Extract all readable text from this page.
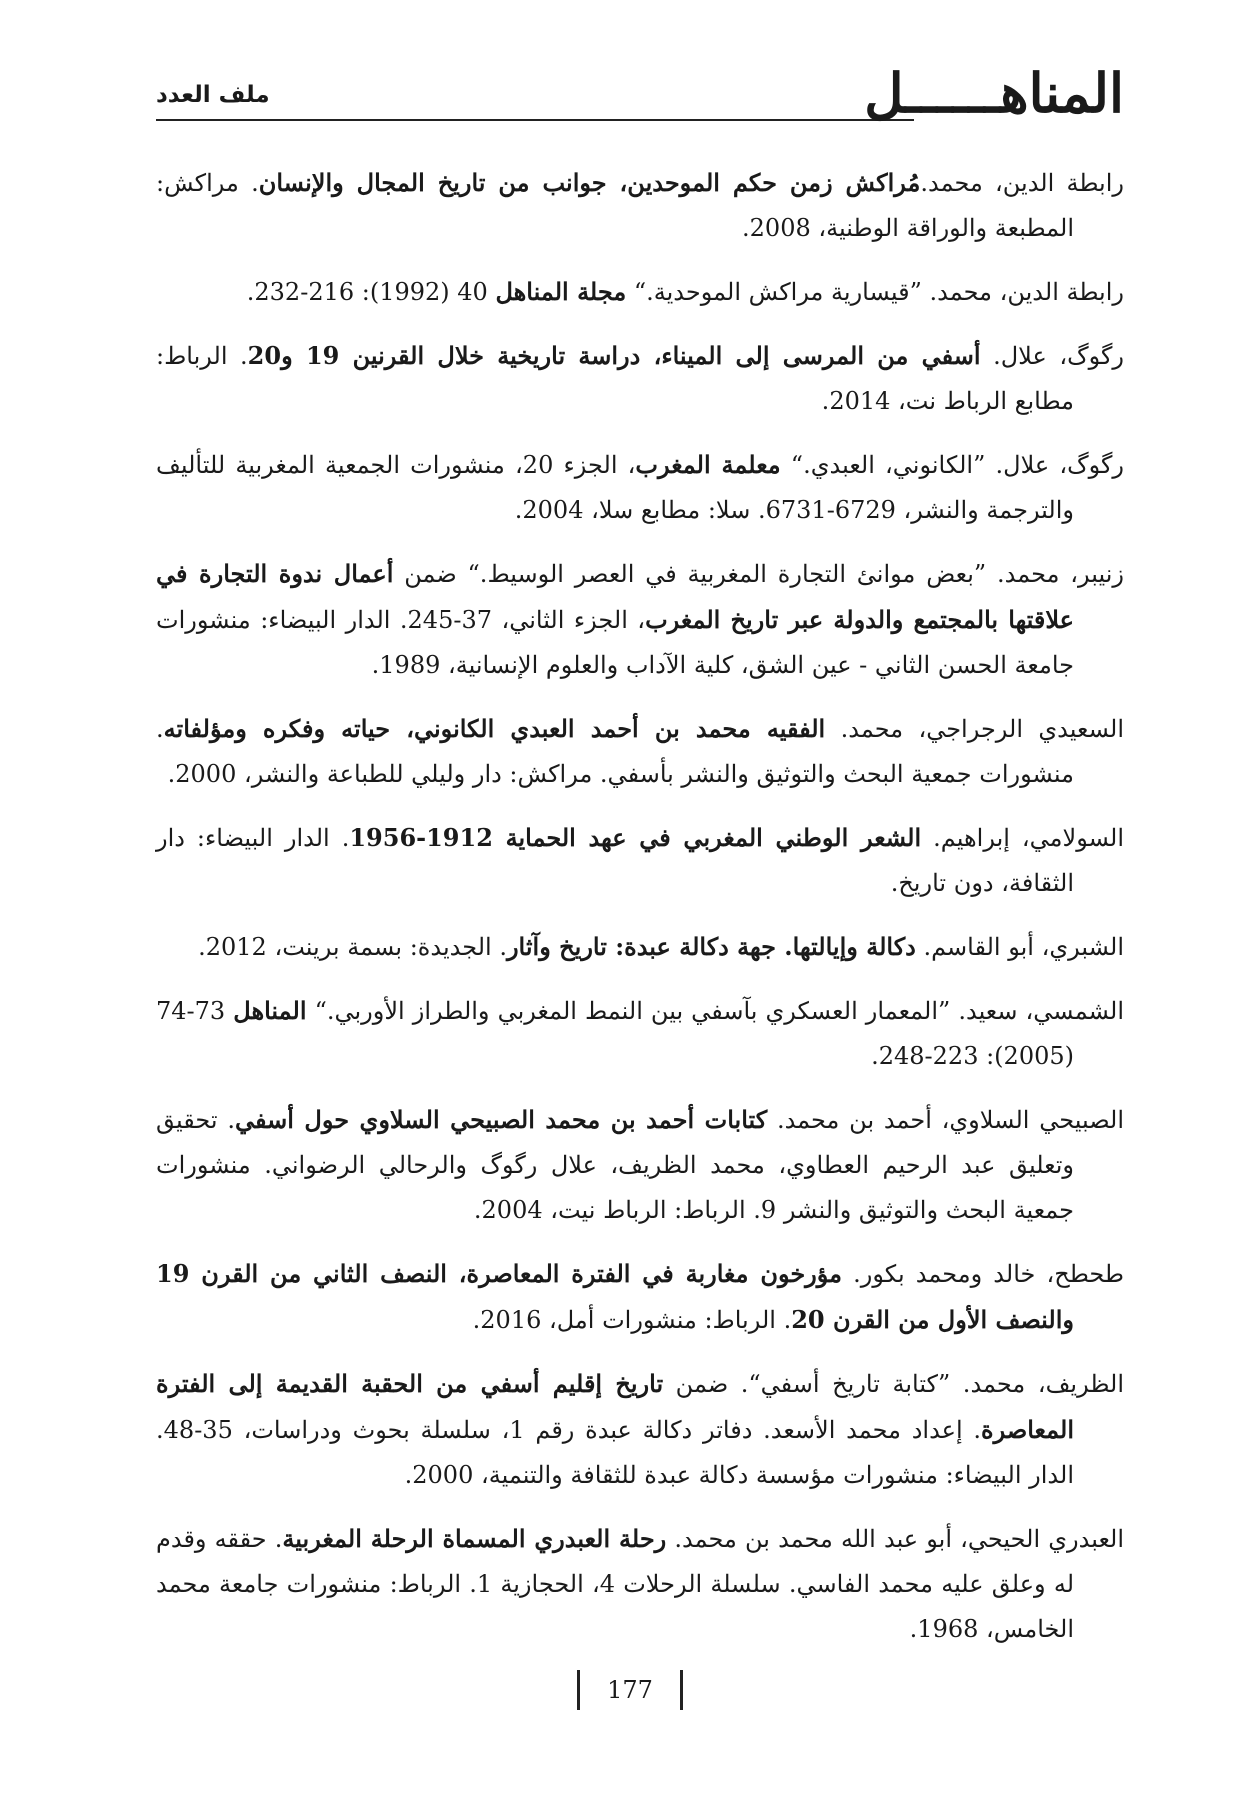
ملف العدد	المناهــــــل

رابطة الدين، محمد.مُراكش زمن حكم الموحدين، جوانب من تاريخ المجال والإنسان. مراكش: المطبعة والوراقة الوطنية، 2008.

رابطة الدين، محمد. ”قيسارية مراكش الموحدية.“ مجلة المناهل 40 (1992): 216-232.

رگوگ، علال. أسفي من المرسى إلى الميناء، دراسة تاريخية خلال القرنين 19 و20. الرباط: مطابع الرباط نت، 2014.

رگوگ، علال. ”الكانوني، العبدي.“ معلمة المغرب، الجزء 20، منشورات الجمعية المغربية للتأليف والترجمة والنشر، 6729-6731. سلا: مطابع سلا، 2004.

زنيبر، محمد. ”بعض موانئ التجارة المغربية في العصر الوسيط.“ ضمن أعمال ندوة التجارة في علاقتها بالمجتمع والدولة عبر تاريخ المغرب، الجزء الثاني، 37-245. الدار البيضاء: منشورات جامعة الحسن الثاني - عين الشق، كلية الآداب والعلوم الإنسانية، 1989.

السعيدي الرجراجي، محمد. الفقيه محمد بن أحمد العبدي الكانوني، حياته وفكره ومؤلفاته. منشورات جمعية البحث والتوثيق والنشر بأسفي. مراكش: دار وليلي للطباعة والنشر، 2000.

السولامي، إبراهيم. الشعر الوطني المغربي في عهد الحماية 1912-1956. الدار البيضاء: دار الثقافة، دون تاريخ.

الشبري، أبو القاسم. دكالة وإيالتها. جهة دكالة عبدة: تاريخ وآثار. الجديدة: بسمة برينت، 2012.

الشمسي، سعيد. ”المعمار العسكري بآسفي بين النمط المغربي والطراز الأوربي.“ المناهل 73-74 (2005): 223-248.

الصبيحي السلاوي، أحمد بن محمد. كتابات أحمد بن محمد الصبيحي السلاوي حول أسفي. تحقيق وتعليق عبد الرحيم العطاوي، محمد الظريف، علال رگوگ والرحالي الرضواني. منشورات جمعية البحث والتوثيق والنشر 9. الرباط: الرباط نيت، 2004.

طحطح، خالد ومحمد بكور. مؤرخون مغاربة في الفترة المعاصرة، النصف الثاني من القرن 19 والنصف الأول من القرن 20. الرباط: منشورات أمل، 2016.

الظريف، محمد. ”كتابة تاريخ أسفي“. ضمن تاريخ إقليم أسفي من الحقبة القديمة إلى الفترة المعاصرة. إعداد محمد الأسعد. دفاتر دكالة عبدة رقم 1، سلسلة بحوث ودراسات، 35-48. الدار البيضاء: منشورات مؤسسة دكالة عبدة للثقافة والتنمية، 2000.

العبدري الحيحي، أبو عبد الله محمد بن محمد. رحلة العبدري المسماة الرحلة المغربية. حققه وقدم له وعلق عليه محمد الفاسي. سلسلة الرحلات 4، الحجازية 1. الرباط: منشورات جامعة محمد الخامس، 1968.

177
